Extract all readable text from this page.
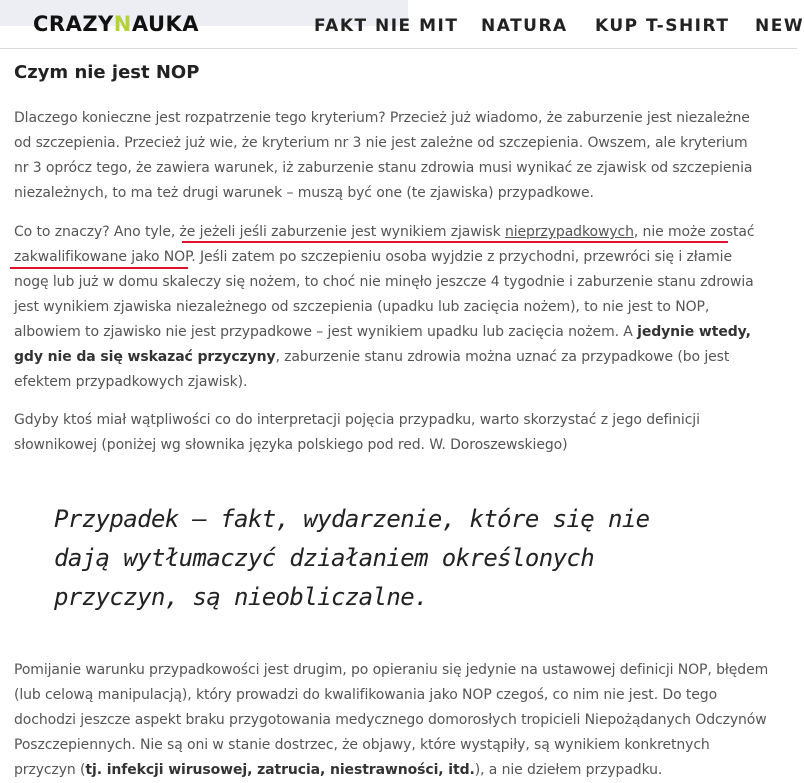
CRAZYNAUKA	FAKT NIE MIT NATURA KUP T-SHIRT NEW
Czym nie jest NOP

Dlaczego konieczne jest rozpatrzenie tego kryterium? Przecież już wiadomo, że zaburzenie jest niezależne od szczepienia. Przecież już wie, że kryterium nr 3 nie jest zależne od szczepienia. Owszem, ale kryterium nr 3 oprócz tego, że zawiera warunek, iż zaburzenie stanu zdrowia musi wynikać ze zjawisk od szczepienia niezależnych, to ma też drugi warunek – muszą być one (te zjawiska) przypadkowe.

Co to znaczy? Ano tyle, że jeżeli jeśli zaburzenie jest wynikiem zjawisk nieprzypadkowych, nie może zostać zakwalifikowane jako NOP. Jeśli zatem po szczepieniu osoba wyjdzie z przychodni, przewróci się i złamie nogę lub już w domu skaleczy się nożem, to choć nie minęło jeszcze 4 tygodnie i zaburzenie stanu zdrowia jest wynikiem zjawiska niezależnego od szczepienia (upadku lub zacięcia nożem), to nie jest to NOP, albowiem to zjawisko nie jest przypadkowe – jest wynikiem upadku lub zacięcia nożem. A jedynie wtedy, gdy nie da się wskazać przyczyny, zaburzenie stanu zdrowia można uznać za przypadkowe (bo jest efektem przypadkowych zjawisk).

Gdyby ktoś miał wątpliwości co do interpretacji pojęcia przypadku, warto skorzystać z jego definicji słownikowej (poniżej wg słownika języka polskiego pod red. W. Doroszewskiego)

Przypadek – fakt, wydarzenie, które się nie dają wytłumaczyć działaniem określonych przyczyn, są nieobliczalne.

Pomijanie warunku przypadkowości jest drugim, po opieraniu się jedynie na ustawowej definicji NOP, błędem (lub celową manipulacją), który prowadzi do kwalifikowania jako NOP czegoś, co nim nie jest. Do tego dochodzi jeszcze aspekt braku przygotowania medycznego domorosłych tropicieli Niepożądanych Odczynów Poszczepiennych. Nie są oni w stanie dostrzec, że objawy, które wystąpiły, są wynikiem konkretnych przyczyn (tj. infekcji wirusowej, zatrucia, niestrawności, itd.), a nie dziełem przypadku.
